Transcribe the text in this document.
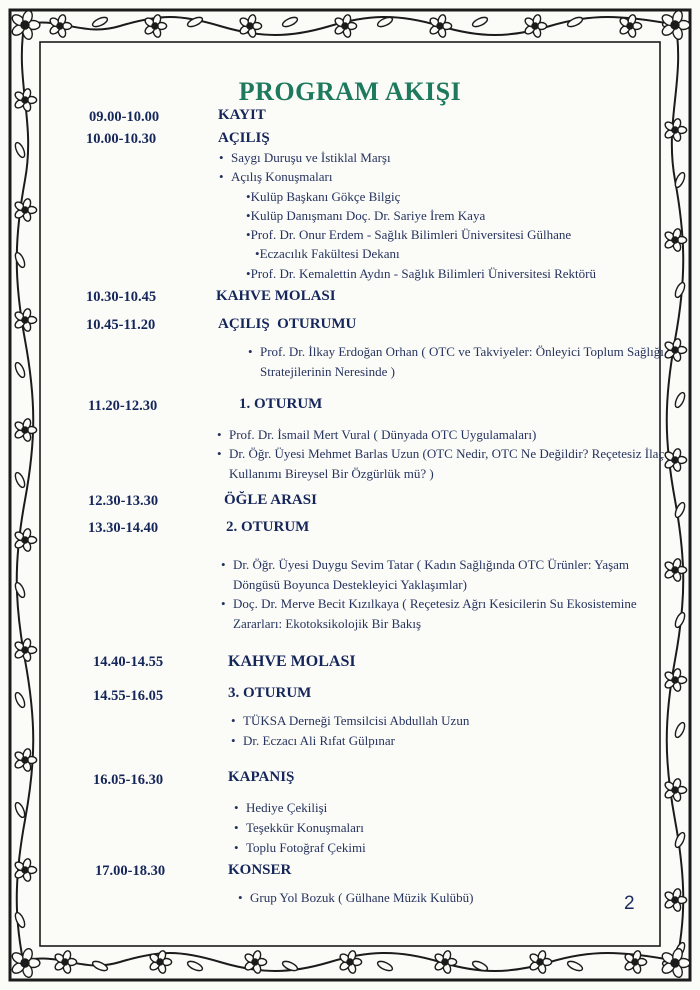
PROGRAM AKIŞI
09.00-10.00	KAYIT
10.00-10.30	AÇILIŞ
• Saygı Duruşu ve İstiklal Marşı
• Açılış Konuşmaları
• Kulüp Başkanı Gökçe Bilgiç
• Kulüp Danışmanı Doç. Dr. Sariye İrem Kaya
• Prof. Dr. Onur Erdem - Sağlık Bilimleri Üniversitesi Gülhane
• Eczacılık Fakültesi Dekanı
• Prof. Dr. Kemalettin Aydın - Sağlık Bilimleri Üniversitesi Rektörü
10.30-10.45	KAHVE MOLASI
10.45-11.20	AÇILIŞ  OTURUMU
• Prof. Dr. İlkay Erdoğan Orhan ( OTC ve Takviyeler: Önleyici Toplum Sağlığı Stratejilerinin Neresinde )
11.20-12.30	1. OTURUM
• Prof. Dr. İsmail Mert Vural ( Dünyada OTC Uygulamaları)
• Dr. Öğr. Üyesi Mehmet Barlas Uzun (OTC Nedir, OTC Ne Değildir? Reçetesiz İlaç Kullanımı Bireysel Bir Özgürlük mü? )
12.30-13.30	ÖĞLE ARASI
13.30-14.40	2. OTURUM
• Dr. Öğr. Üyesi Duygu Sevim Tatar ( Kadın Sağlığında OTC Ürünler: Yaşam Döngüsü Boyunca Destekleyici Yaklaşımlar)
• Doç. Dr. Merve Becit Kızılkaya ( Reçetesiz Ağrı Kesicilerin Su Ekosistemine Zararları: Ekotoksikolojik Bir Bakış
14.40-14.55	KAHVE MOLASI
14.55-16.05	3. OTURUM
• TÜKSA Derneği Temsilcisi Abdullah Uzun
• Dr. Eczacı Ali Rıfat Gülpınar
16.05-16.30	KAPANIŞ
• Hediye Çekilişi
• Teşekkür Konuşmaları
• Toplu Fotoğraf Çekimi
17.00-18.30	KONSER
• Grup Yol Bozuk ( Gülhane Müzik Kulübü)	2
